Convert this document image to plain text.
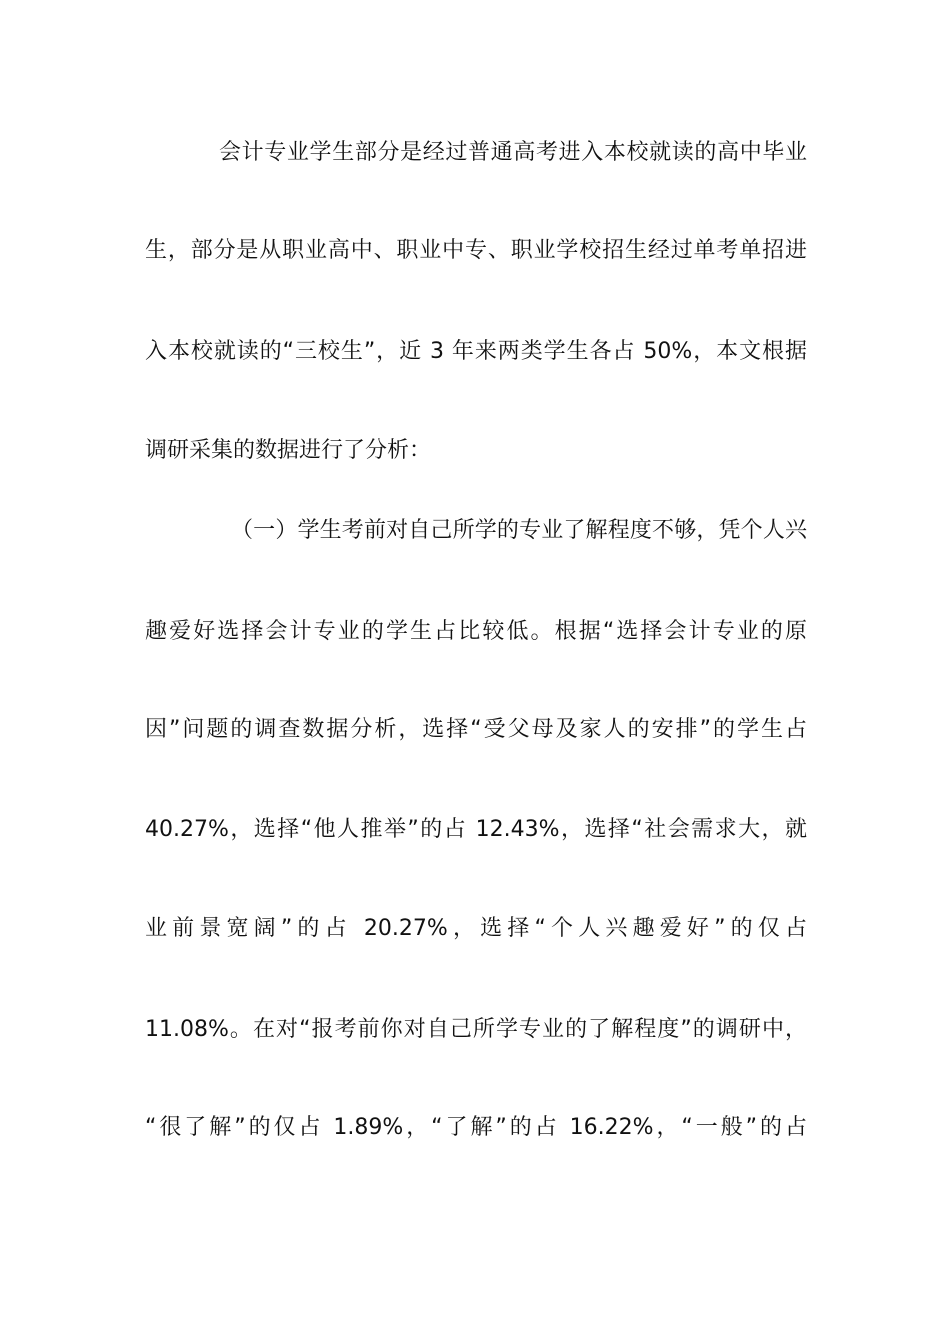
会计专业学生部分是经过普通高考进入本校就读的高中毕业
生，部分是从职业高中、职业中专、职业学校招生经过单考单招进
入本校就读的“三校生”，近 3 年来两类学生各占 50%，本文根据
调研采集的数据进行了分析：
（一）学生考前对自己所学的专业了解程度不够，凭个人兴
趣爱好选择会计专业的学生占比较低。根据“选择会计专业的原
因”问题的调查数据分析，选择“受父母及家人的安排”的学生占
40.27%，选择“他人推举”的占 12.43%，选择“社会需求大，就
业前景宽阔”的占 20.27%，选择“个人兴趣爱好”的仅占
11.08%。在对“报考前你对自己所学专业的了解程度”的调研中，
“很了解”的仅占 1.89%，“了解”的占 16.22%，“一般”的占
